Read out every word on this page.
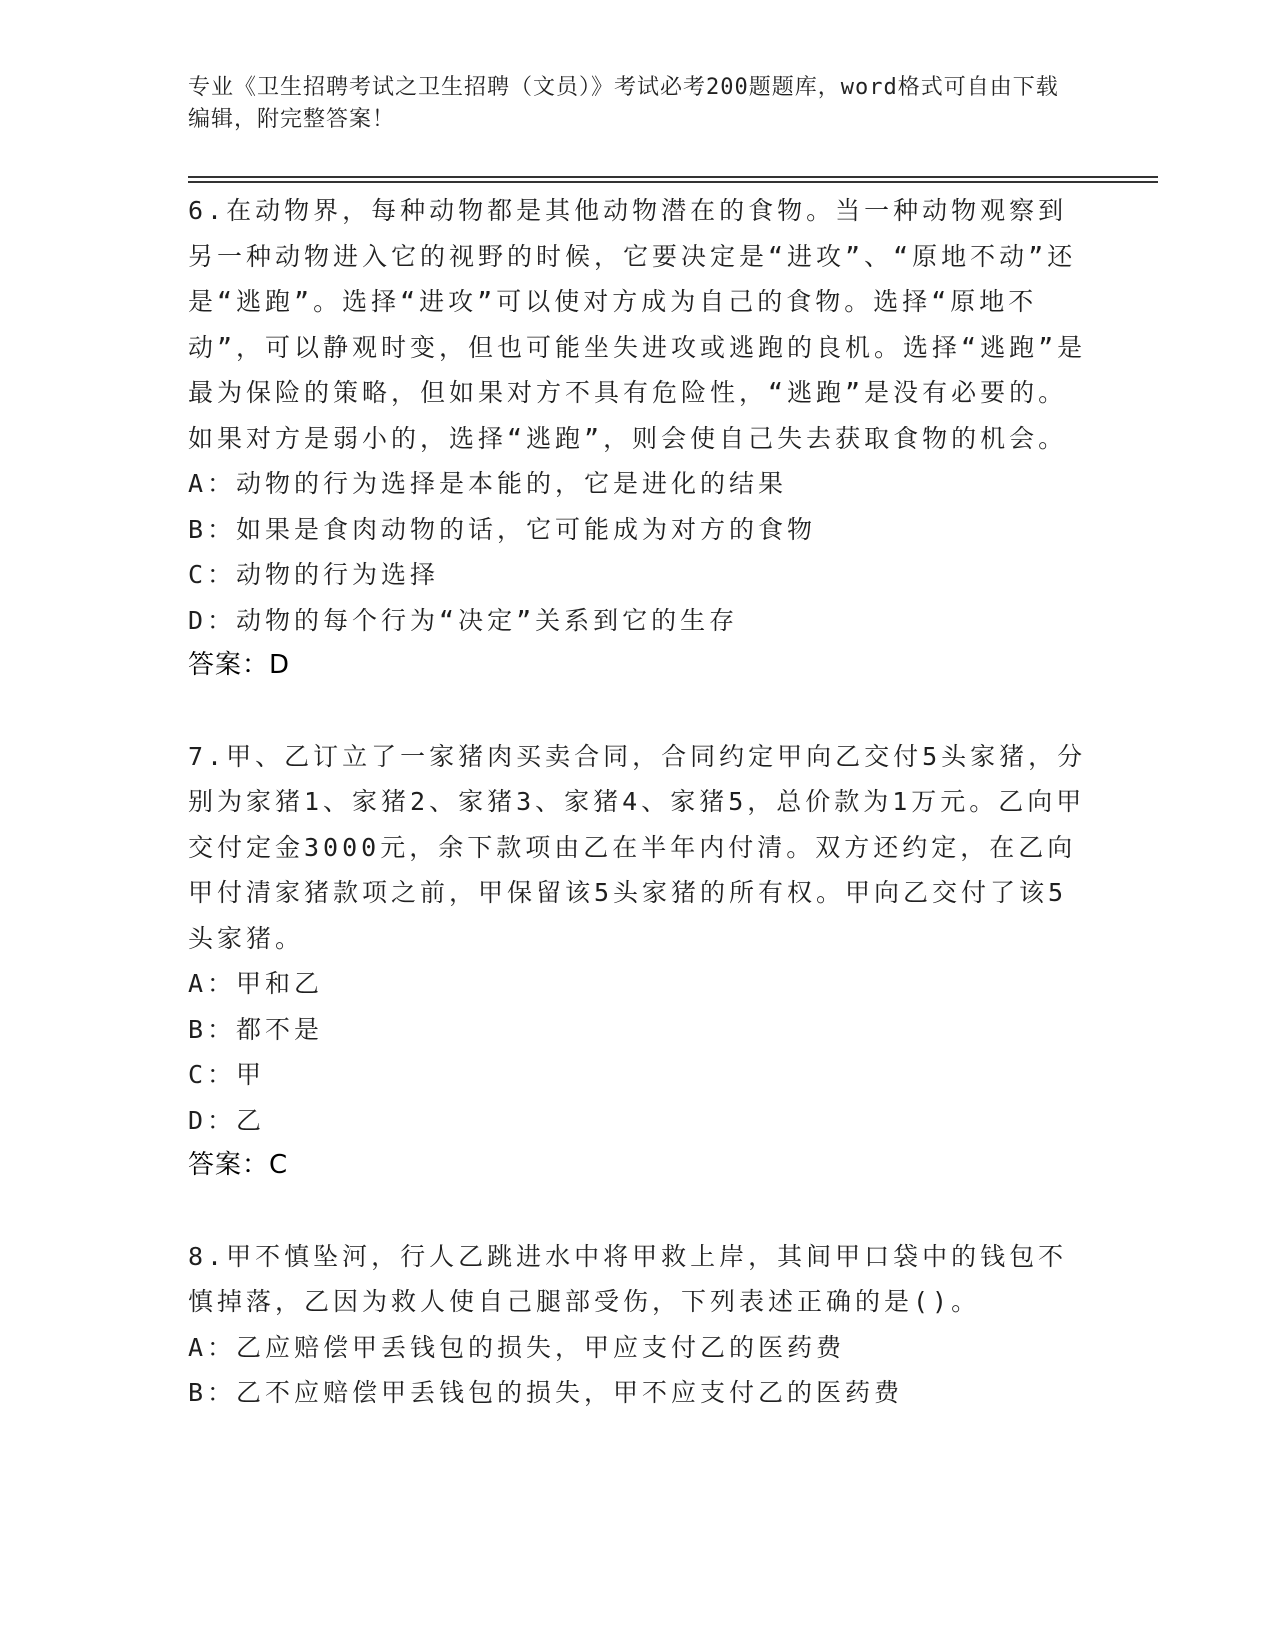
专业《卫生招聘考试之卫生招聘（文员）》考试必考200题题库，word格式可自由下载编辑，附完整答案！

6.在动物界，每种动物都是其他动物潜在的食物。当一种动物观察到另一种动物进入它的视野的时候，它要决定是“进攻”、“原地不动”还是“逃跑”。选择“进攻”可以使对方成为自己的食物。选择“原地不动”，可以静观时变，但也可能坐失进攻或逃跑的良机。选择“逃跑”是最为保险的策略，但如果对方不具有危险性，“逃跑”是没有必要的。如果对方是弱小的，选择“逃跑”，则会使自己失去获取食物的机会。

A：动物的行为选择是本能的，它是进化的结果

B：如果是食肉动物的话，它可能成为对方的食物

C：动物的行为选择

D：动物的每个行为“决定”关系到它的生存

答案：D

7.甲、乙订立了一家猪肉买卖合同，合同约定甲向乙交付5头家猪，分别为家猪1、家猪2、家猪3、家猪4、家猪5，总价款为1万元。乙向甲交付定金3000元，余下款项由乙在半年内付清。双方还约定，在乙向甲付清家猪款项之前，甲保留该5头家猪的所有权。甲向乙交付了该5头家猪。

A：甲和乙

B：都不是

C：甲

D：乙

答案：C

8.甲不慎坠河，行人乙跳进水中将甲救上岸，其间甲口袋中的钱包不慎掉落，乙因为救人使自己腿部受伤，下列表述正确的是()。

A：乙应赔偿甲丢钱包的损失，甲应支付乙的医药费

B：乙不应赔偿甲丢钱包的损失，甲不应支付乙的医药费
